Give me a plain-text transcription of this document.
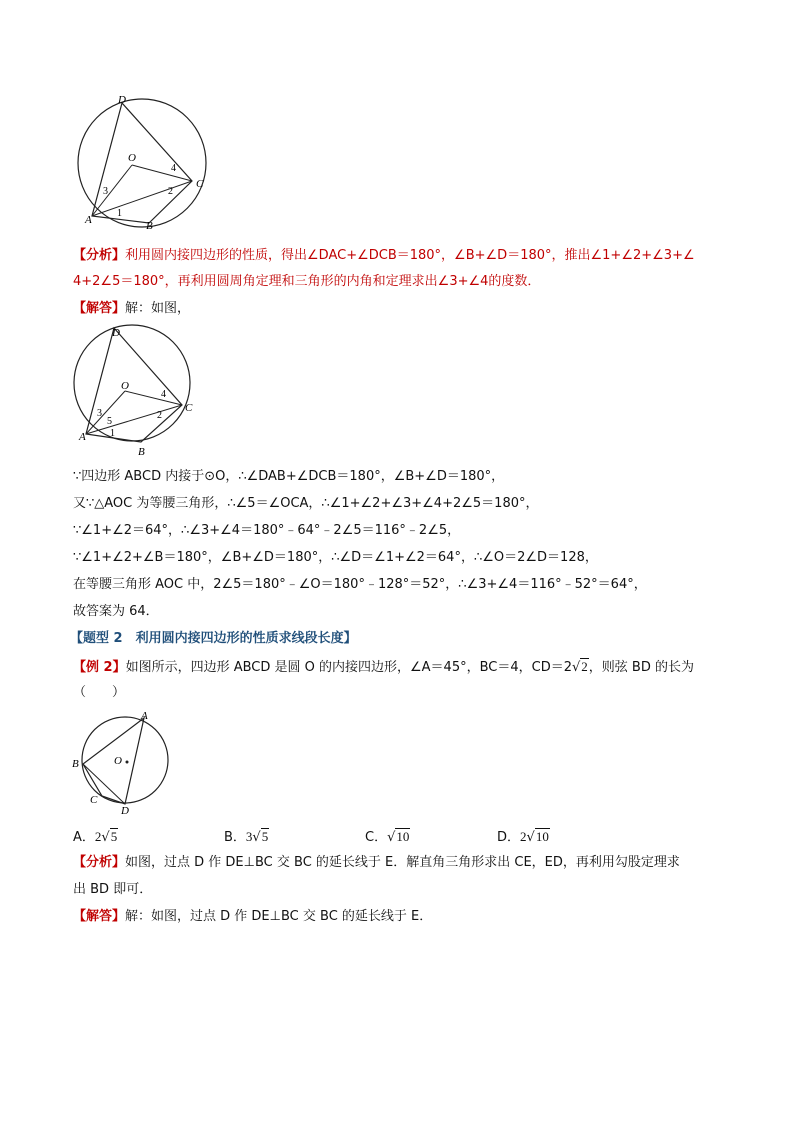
D
O
C
A	B
1
2
3
4
【分析】利用圆内接四边形的性质，得出∠DAC+∠DCB＝180°，∠B+∠D＝180°，推出∠1+∠2+∠3+∠
4+2∠5＝180°，再利用圆周角定理和三角形的内角和定理求出∠3+∠4的度数．
【解答】解：如图，
D
O
C
A
B
1
2
3
4
5
∵四边形 ABCD 内接于⊙O，∴∠DAB+∠DCB＝180°，∠B+∠D＝180°，
又∵△AOC 为等腰三角形，∴∠5＝∠OCA，∴∠1+∠2+∠3+∠4+2∠5＝180°，
∵∠1+∠2＝64°，∴∠3+∠4＝180°﹣64°﹣2∠5＝116°﹣2∠5，
∵∠1+∠2+∠B＝180°，∠B+∠D＝180°，∴∠D＝∠1+∠2＝64°，∴∠O＝2∠D＝128，
在等腰三角形 AOC 中，2∠5＝180°﹣∠O＝180°﹣128°＝52°，∴∠3+∠4＝116°﹣52°＝64°，
故答案为 64．
【题型 2　利用圆内接四边形的性质求线段长度】
【例 2】如图所示，四边形 ABCD 是圆 O 的内接四边形，∠A＝45°，BC＝4，CD＝2√2，则弦 BD 的长为
（　　）
A
B
C
D
O
A．2√5	B．3√5	C．√10	D．2√10
【分析】如图，过点 D 作 DE⊥BC 交 BC 的延长线于 E．解直角三角形求出 CE，ED，再利用勾股定理求
出 BD 即可．
【解答】解：如图，过点 D 作 DE⊥BC 交 BC 的延长线于 E．
